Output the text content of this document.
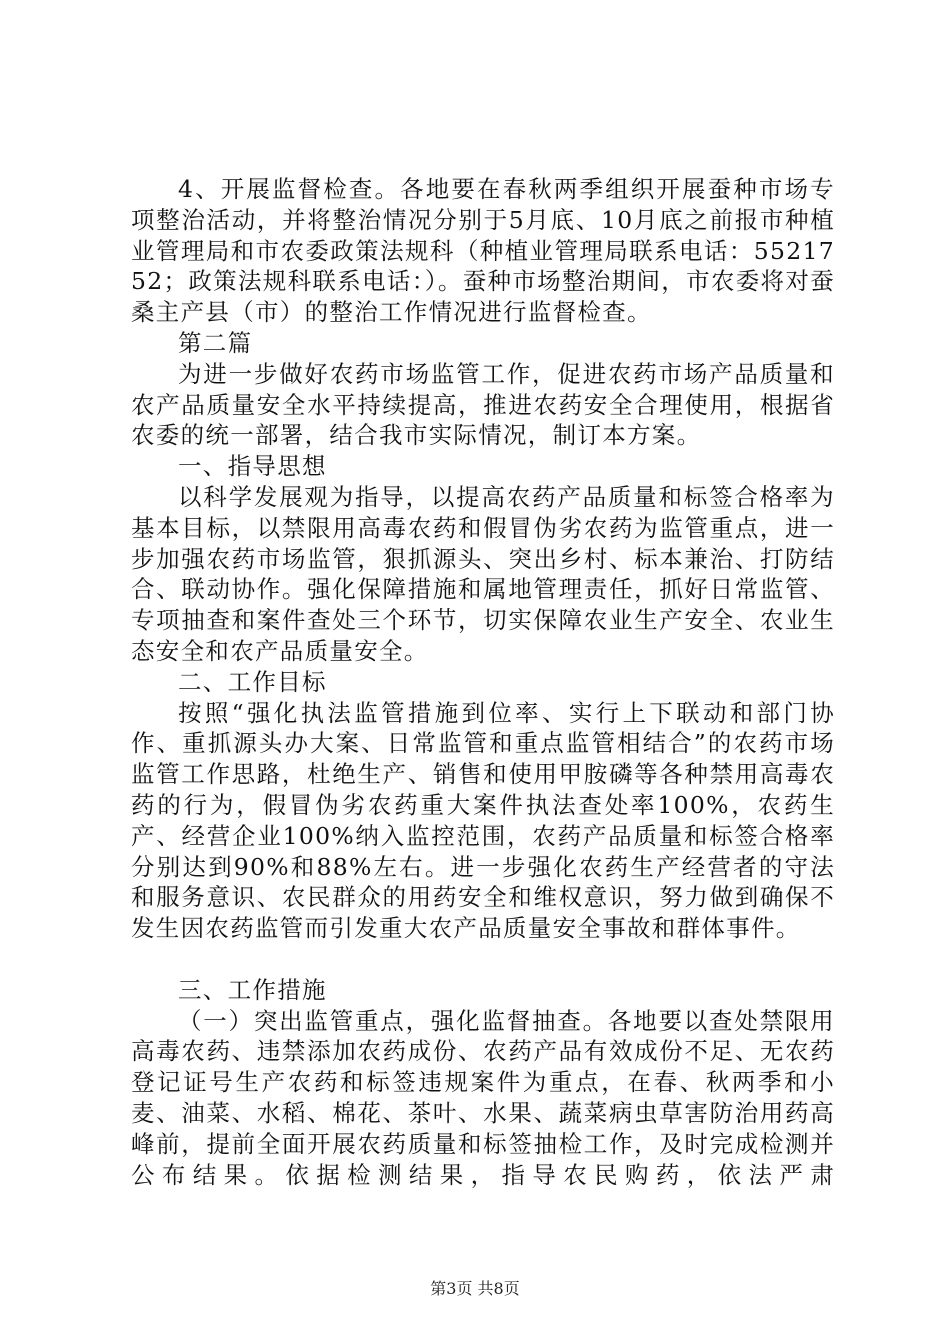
4、开展监督检查。各地要在春秋两季组织开展蚕种市场专项整治活动，并将整治情况分别于5月底、10月底之前报市种植业管理局和市农委政策法规科（种植业管理局联系电话：5521752；政策法规科联系电话：）。蚕种市场整治期间，市农委将对蚕桑主产县（市）的整治工作情况进行监督检查。

第二篇

为进一步做好农药市场监管工作，促进农药市场产品质量和农产品质量安全水平持续提高，推进农药安全合理使用，根据省农委的统一部署，结合我市实际情况，制订本方案。

一、指导思想

以科学发展观为指导，以提高农药产品质量和标签合格率为基本目标，以禁限用高毒农药和假冒伪劣农药为监管重点，进一步加强农药市场监管，狠抓源头、突出乡村、标本兼治、打防结合、联动协作。强化保障措施和属地管理责任，抓好日常监管、专项抽查和案件查处三个环节，切实保障农业生产安全、农业生态安全和农产品质量安全。

二、工作目标

按照“强化执法监管措施到位率、实行上下联动和部门协作、重抓源头办大案、日常监管和重点监管相结合”的农药市场监管工作思路，杜绝生产、销售和使用甲胺磷等各种禁用高毒农药的行为，假冒伪劣农药重大案件执法查处率100%，农药生产、经营企业100%纳入监控范围，农药产品质量和标签合格率分别达到90%和88%左右。进一步强化农药生产经营者的守法和服务意识、农民群众的用药安全和维权意识，努力做到确保不发生因农药监管而引发重大农产品质量安全事故和群体事件。

三、工作措施

（一）突出监管重点，强化监督抽查。各地要以查处禁限用高毒农药、违禁添加农药成份、农药产品有效成份不足、无农药登记证号生产农药和标签违规案件为重点，在春、秋两季和小麦、油菜、水稻、棉花、茶叶、水果、蔬菜病虫草害防治用药高峰前，提前全面开展农药质量和标签抽检工作，及时完成检测并公布结果。依据检测结果，指导农民购药，依法严肃

第3页 共8页
